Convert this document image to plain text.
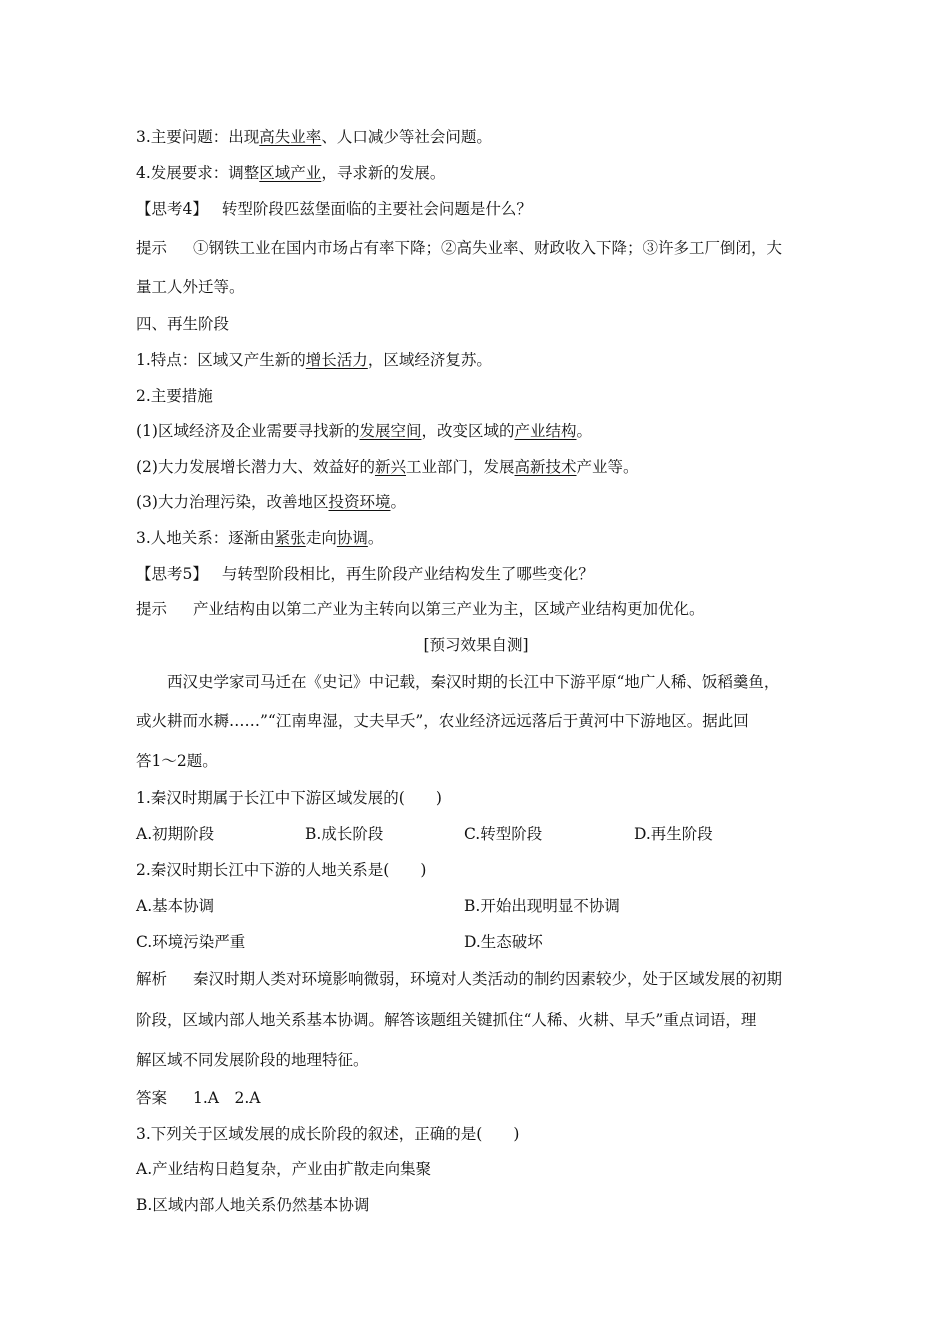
3.主要问题：出现高失业率、人口减少等社会问题。
4.发展要求：调整区域产业，寻求新的发展。
【思考4】 转型阶段匹兹堡面临的主要社会问题是什么？
提示 ①钢铁工业在国内市场占有率下降；②高失业率、财政收入下降；③许多工厂倒闭，大
量工人外迁等。
四、再生阶段
1.特点：区域又产生新的增长活力，区域经济复苏。
2.主要措施
(1)区域经济及企业需要寻找新的发展空间，改变区域的产业结构。
(2)大力发展增长潜力大、效益好的新兴工业部门，发展高新技术产业等。
(3)大力治理污染，改善地区投资环境。
3.人地关系：逐渐由紧张走向协调。
【思考5】 与转型阶段相比，再生阶段产业结构发生了哪些变化？
提示 产业结构由以第二产业为主转向以第三产业为主，区域产业结构更加优化。
[预习效果自测]
西汉史学家司马迁在《史记》中记载，秦汉时期的长江中下游平原“地广人稀、饭稻羹鱼，
或火耕而水耨……”“江南卑湿，丈夫早夭”，农业经济远远落后于黄河中下游地区。据此回
答1～2题。
1.秦汉时期属于长江中下游区域发展的(　　)
A.初期阶段	B.成长阶段	C.转型阶段	D.再生阶段
2.秦汉时期长江中下游的人地关系是(　　)
A.基本协调	B.开始出现明显不协调
C.环境污染严重	D.生态破坏
解析 秦汉时期人类对环境影响微弱，环境对人类活动的制约因素较少，处于区域发展的初期
阶段，区域内部人地关系基本协调。解答该题组关键抓住“人稀、火耕、早夭”重点词语，理
解区域不同发展阶段的地理特征。
答案 1.A　2.A
3.下列关于区域发展的成长阶段的叙述，正确的是(　　)
A.产业结构日趋复杂，产业由扩散走向集聚
B.区域内部人地关系仍然基本协调
